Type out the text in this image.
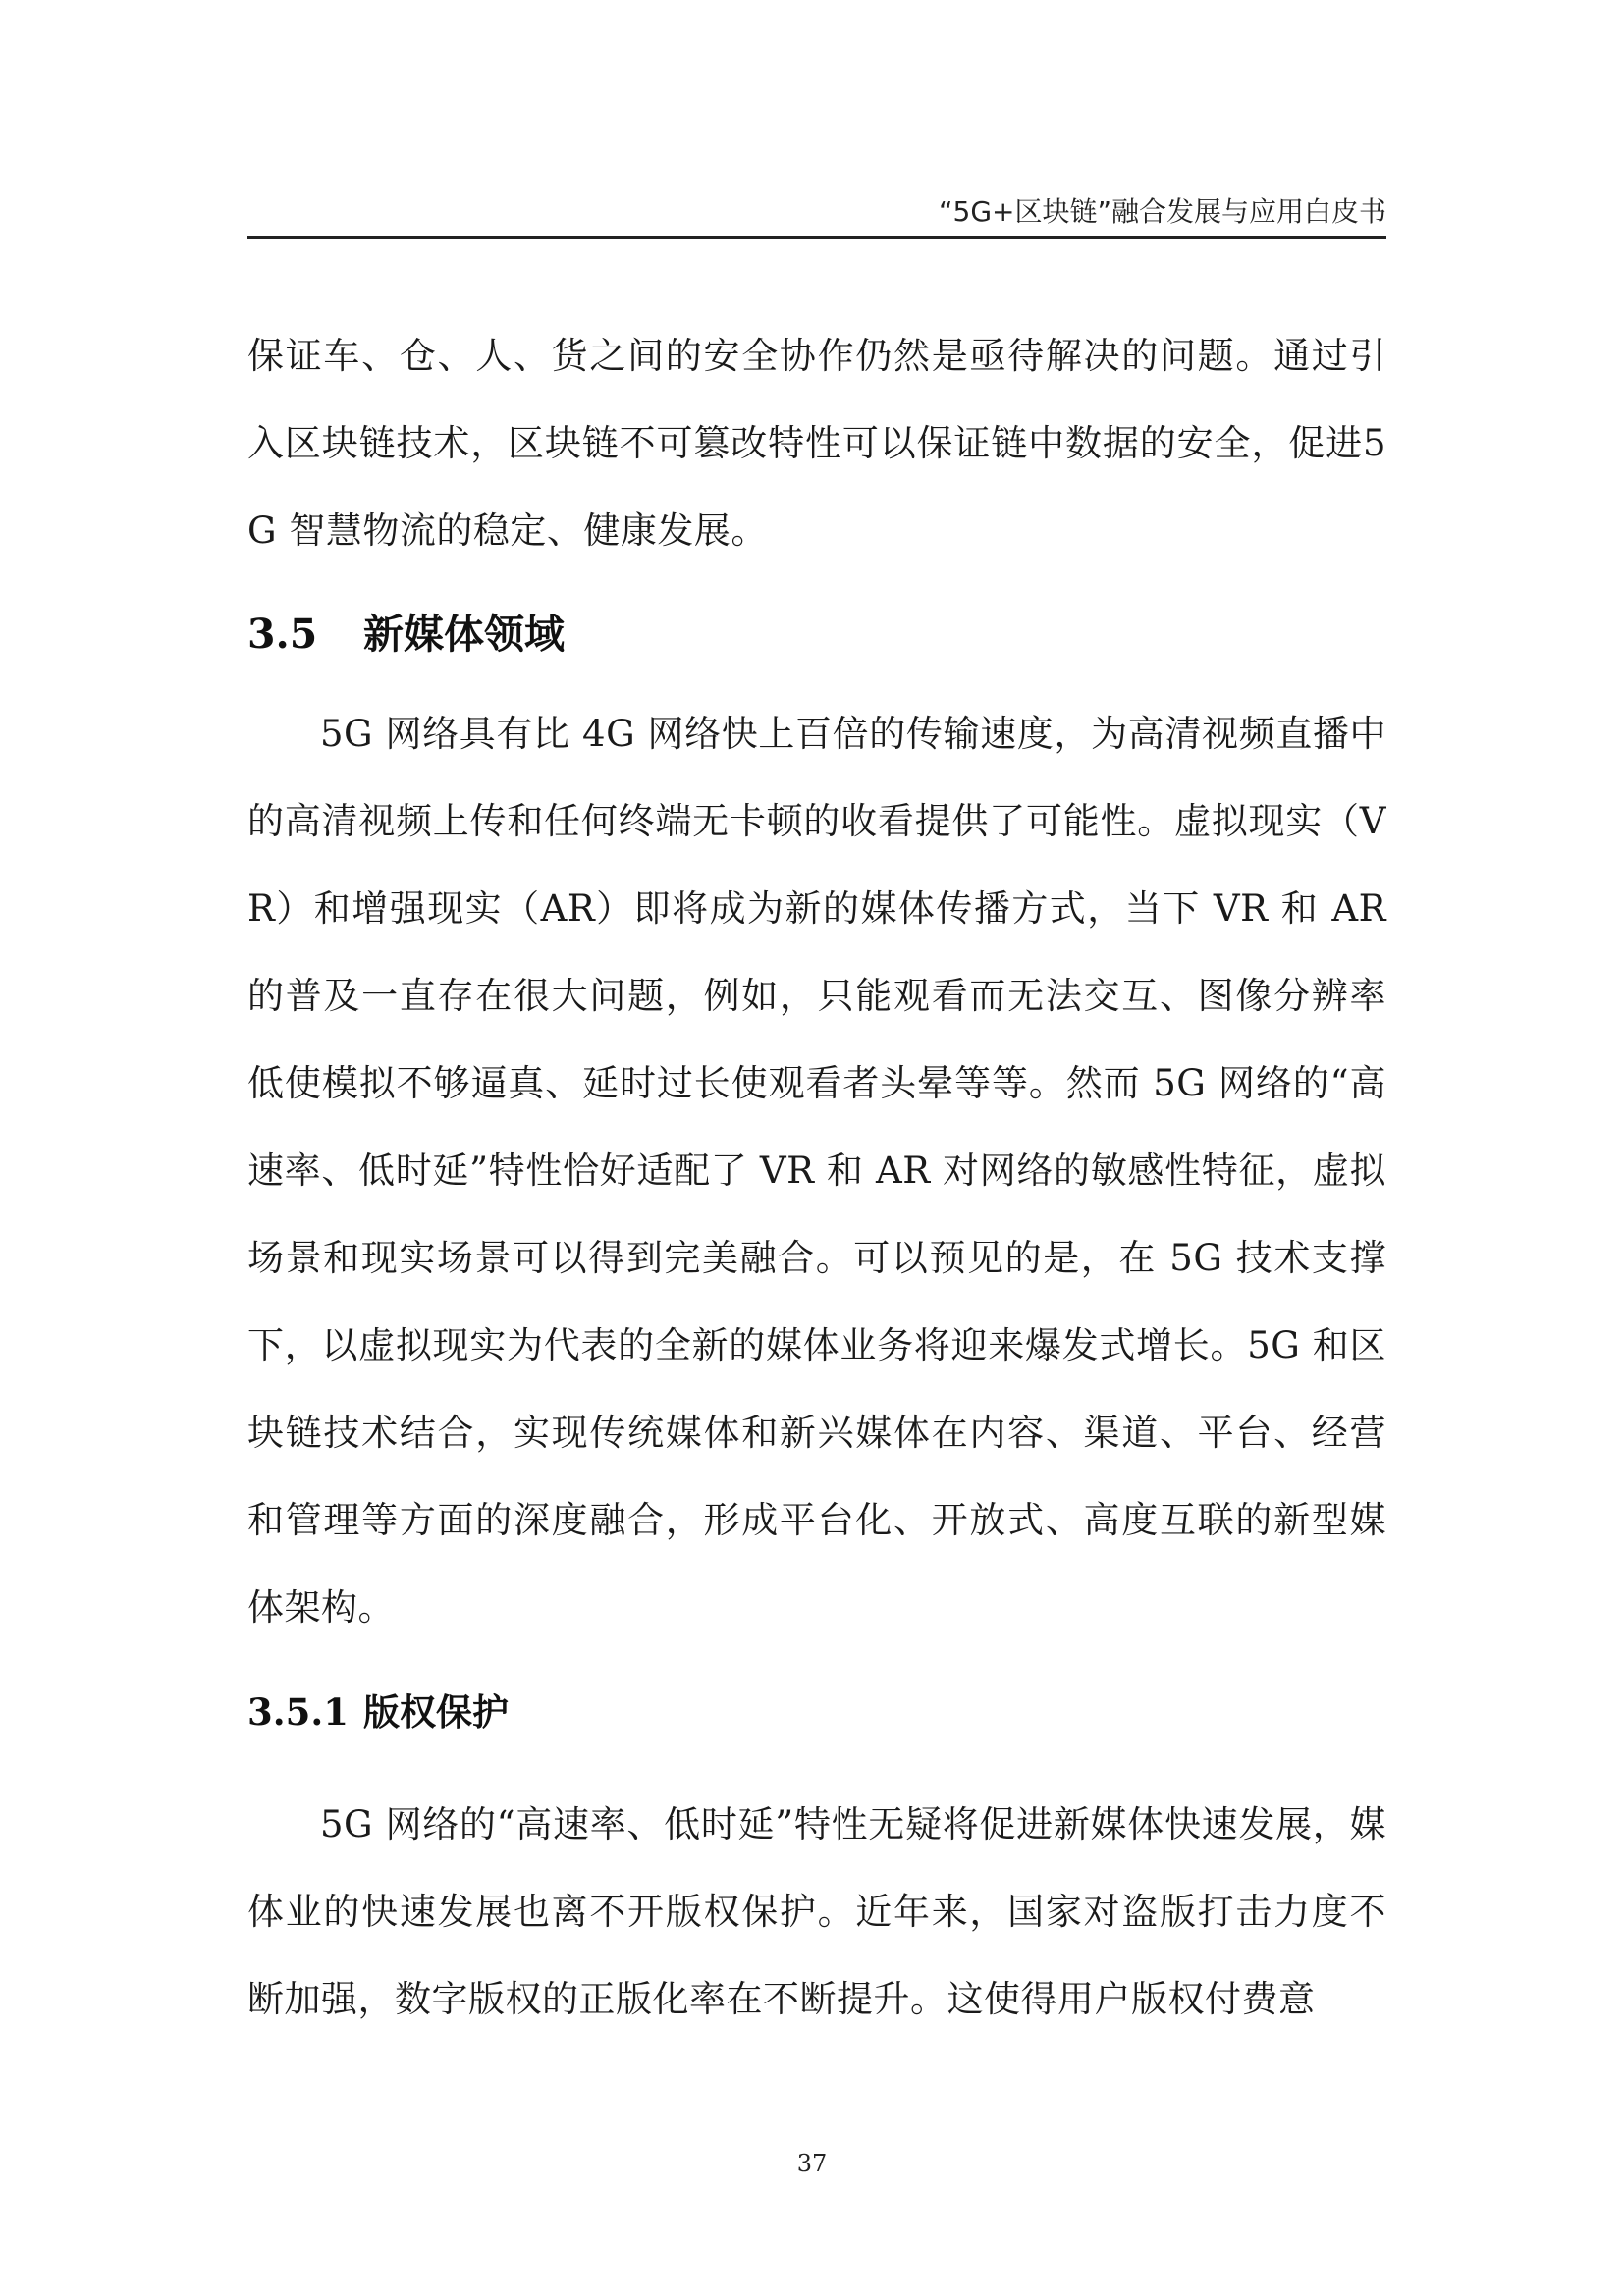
“5G+区块链”融合发展与应用白皮书

保证车、仓、人、货之间的安全协作仍然是亟待解决的问题。通过引入区块链技术，区块链不可篡改特性可以保证链中数据的安全，促进5G 智慧物流的稳定、健康发展。

3.5	新媒体领域

5G 网络具有比 4G 网络快上百倍的传输速度，为高清视频直播中的高清视频上传和任何终端无卡顿的收看提供了可能性。虚拟现实（VR）和增强现实（AR）即将成为新的媒体传播方式，当下 VR 和 AR 的普及一直存在很大问题，例如，只能观看而无法交互、图像分辨率低使模拟不够逼真、延时过长使观看者头晕等等。然而 5G 网络的“高速率、低时延”特性恰好适配了 VR 和 AR 对网络的敏感性特征，虚拟场景和现实场景可以得到完美融合。可以预见的是，在 5G 技术支撑下，以虚拟现实为代表的全新的媒体业务将迎来爆发式增长。5G 和区块链技术结合，实现传统媒体和新兴媒体在内容、渠道、平台、经营和管理等方面的深度融合，形成平台化、开放式、高度互联的新型媒体架构。

3.5.1 版权保护

5G 网络的“高速率、低时延”特性无疑将促进新媒体快速发展，媒体业的快速发展也离不开版权保护。近年来，国家对盗版打击力度不断加强，数字版权的正版化率在不断提升。这使得用户版权付费意

37
